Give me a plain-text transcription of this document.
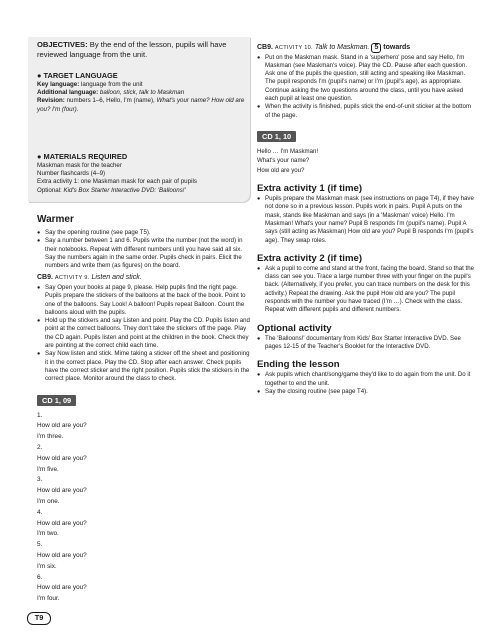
OBJECTIVES: By the end of the lesson, pupils will have reviewed language from the unit.
● TARGET LANGUAGE
Key language: language from the unit
Additional language: balloon, stick, talk to Maskman
Revision: numbers 1–6, Hello, I'm (name), What's your name? How old are you? I'm (four).
● MATERIALS REQUIRED
Maskman mask for the teacher
Number flashcards (4–9)
Extra activity 1: one Maskman mask for each pair of pupils
Optional: Kid's Box Starter Interactive DVD: 'Balloons!'
Warmer
● Say the opening routine (see page T5).
● Say a number between 1 and 6. Pupils write the number (not the word) in their notebooks. Repeat with different numbers until you have said all six. Say the numbers again in the same order. Pupils check in pairs. Elicit the numbers and write them (as figures) on the board.
CB9. ACTIVITY 9. Listen and stick.
● Say Open your books at page 9, please. Help pupils find the right page. Pupils prepare the stickers of the balloons at the back of the book. Point to one of the balloons. Say Look! A balloon! Pupils repeat Balloon. Count the balloons aloud with the pupils.
● Hold up the stickers and say Listen and point. Play the CD. Pupils listen and point at the correct balloons. They don't take the stickers off the page. Play the CD again. Pupils listen and point at the children in the book. Check they are pointing at the correct child each time.
● Say Now listen and stick. Mime taking a sticker off the sheet and positioning it in the correct place. Play the CD. Stop after each answer. Check pupils have the correct sticker and the right position. Pupils stick the stickers in the correct place. Monitor around the class to check.
CD 1, 09
1.
How old are you?
I'm three.
2.
How old are you?
I'm five.
3.
How old are you?
I'm one.
4.
How old are you?
I'm two.
5.
How old are you?
I'm six.
6.
How old are you?
I'm four.
CB9. ACTIVITY 10. Talk to Maskman. 5 towards
● Put on the Maskman mask. Stand in a 'superhero' pose and say Hello, I'm Maskman (see Maskman's voice). Play the CD. Pause after each question. Ask one of the pupils the question, still acting and speaking like Maskman. The pupil responds I'm (pupil's name) or I'm (pupil's age), as appropriate. Continue asking the two questions around the class, until you have asked each pupil at least one question.
● When the activity is finished, pupils stick the end-of-unit sticker at the bottom of the page.
CD 1, 10
Hello … I'm Maskman!
What's your name?
How old are you?
Extra activity 1 (if time)
● Pupils prepare the Maskman mask (see instructions on page T4), if they have not done so in a previous lesson. Pupils work in pairs. Pupil A puts on the mask, stands like Maskman and says (in a 'Maskman' voice) Hello. I'm Maskman! What's your name? Pupil B responds I'm (pupil's name). Pupil A says (still acting as Maskman) How old are you? Pupil B responds I'm (pupil's age). They swap roles.
Extra activity 2 (if time)
● Ask a pupil to come and stand at the front, facing the board. Stand so that the class can see you. Trace a large number three with your finger on the pupil's back. (Alternatively, if you prefer, you can trace numbers on the desk for this activity.) Repeat the drawing. Ask the pupil How old are you? The pupil responds with the number you have traced (I'm …). Check with the class. Repeat with different pupils and different numbers.
Optional activity
● The 'Balloons!' documentary from Kids' Box Starter Interactive DVD. See pages 12-15 of the Teacher's Booklet for the Interactive DVD.
Ending the lesson
● Ask pupils which chant/song/game they'd like to do again from the unit. Do it together to end the unit.
● Say the closing routine (see page T4).
T9
